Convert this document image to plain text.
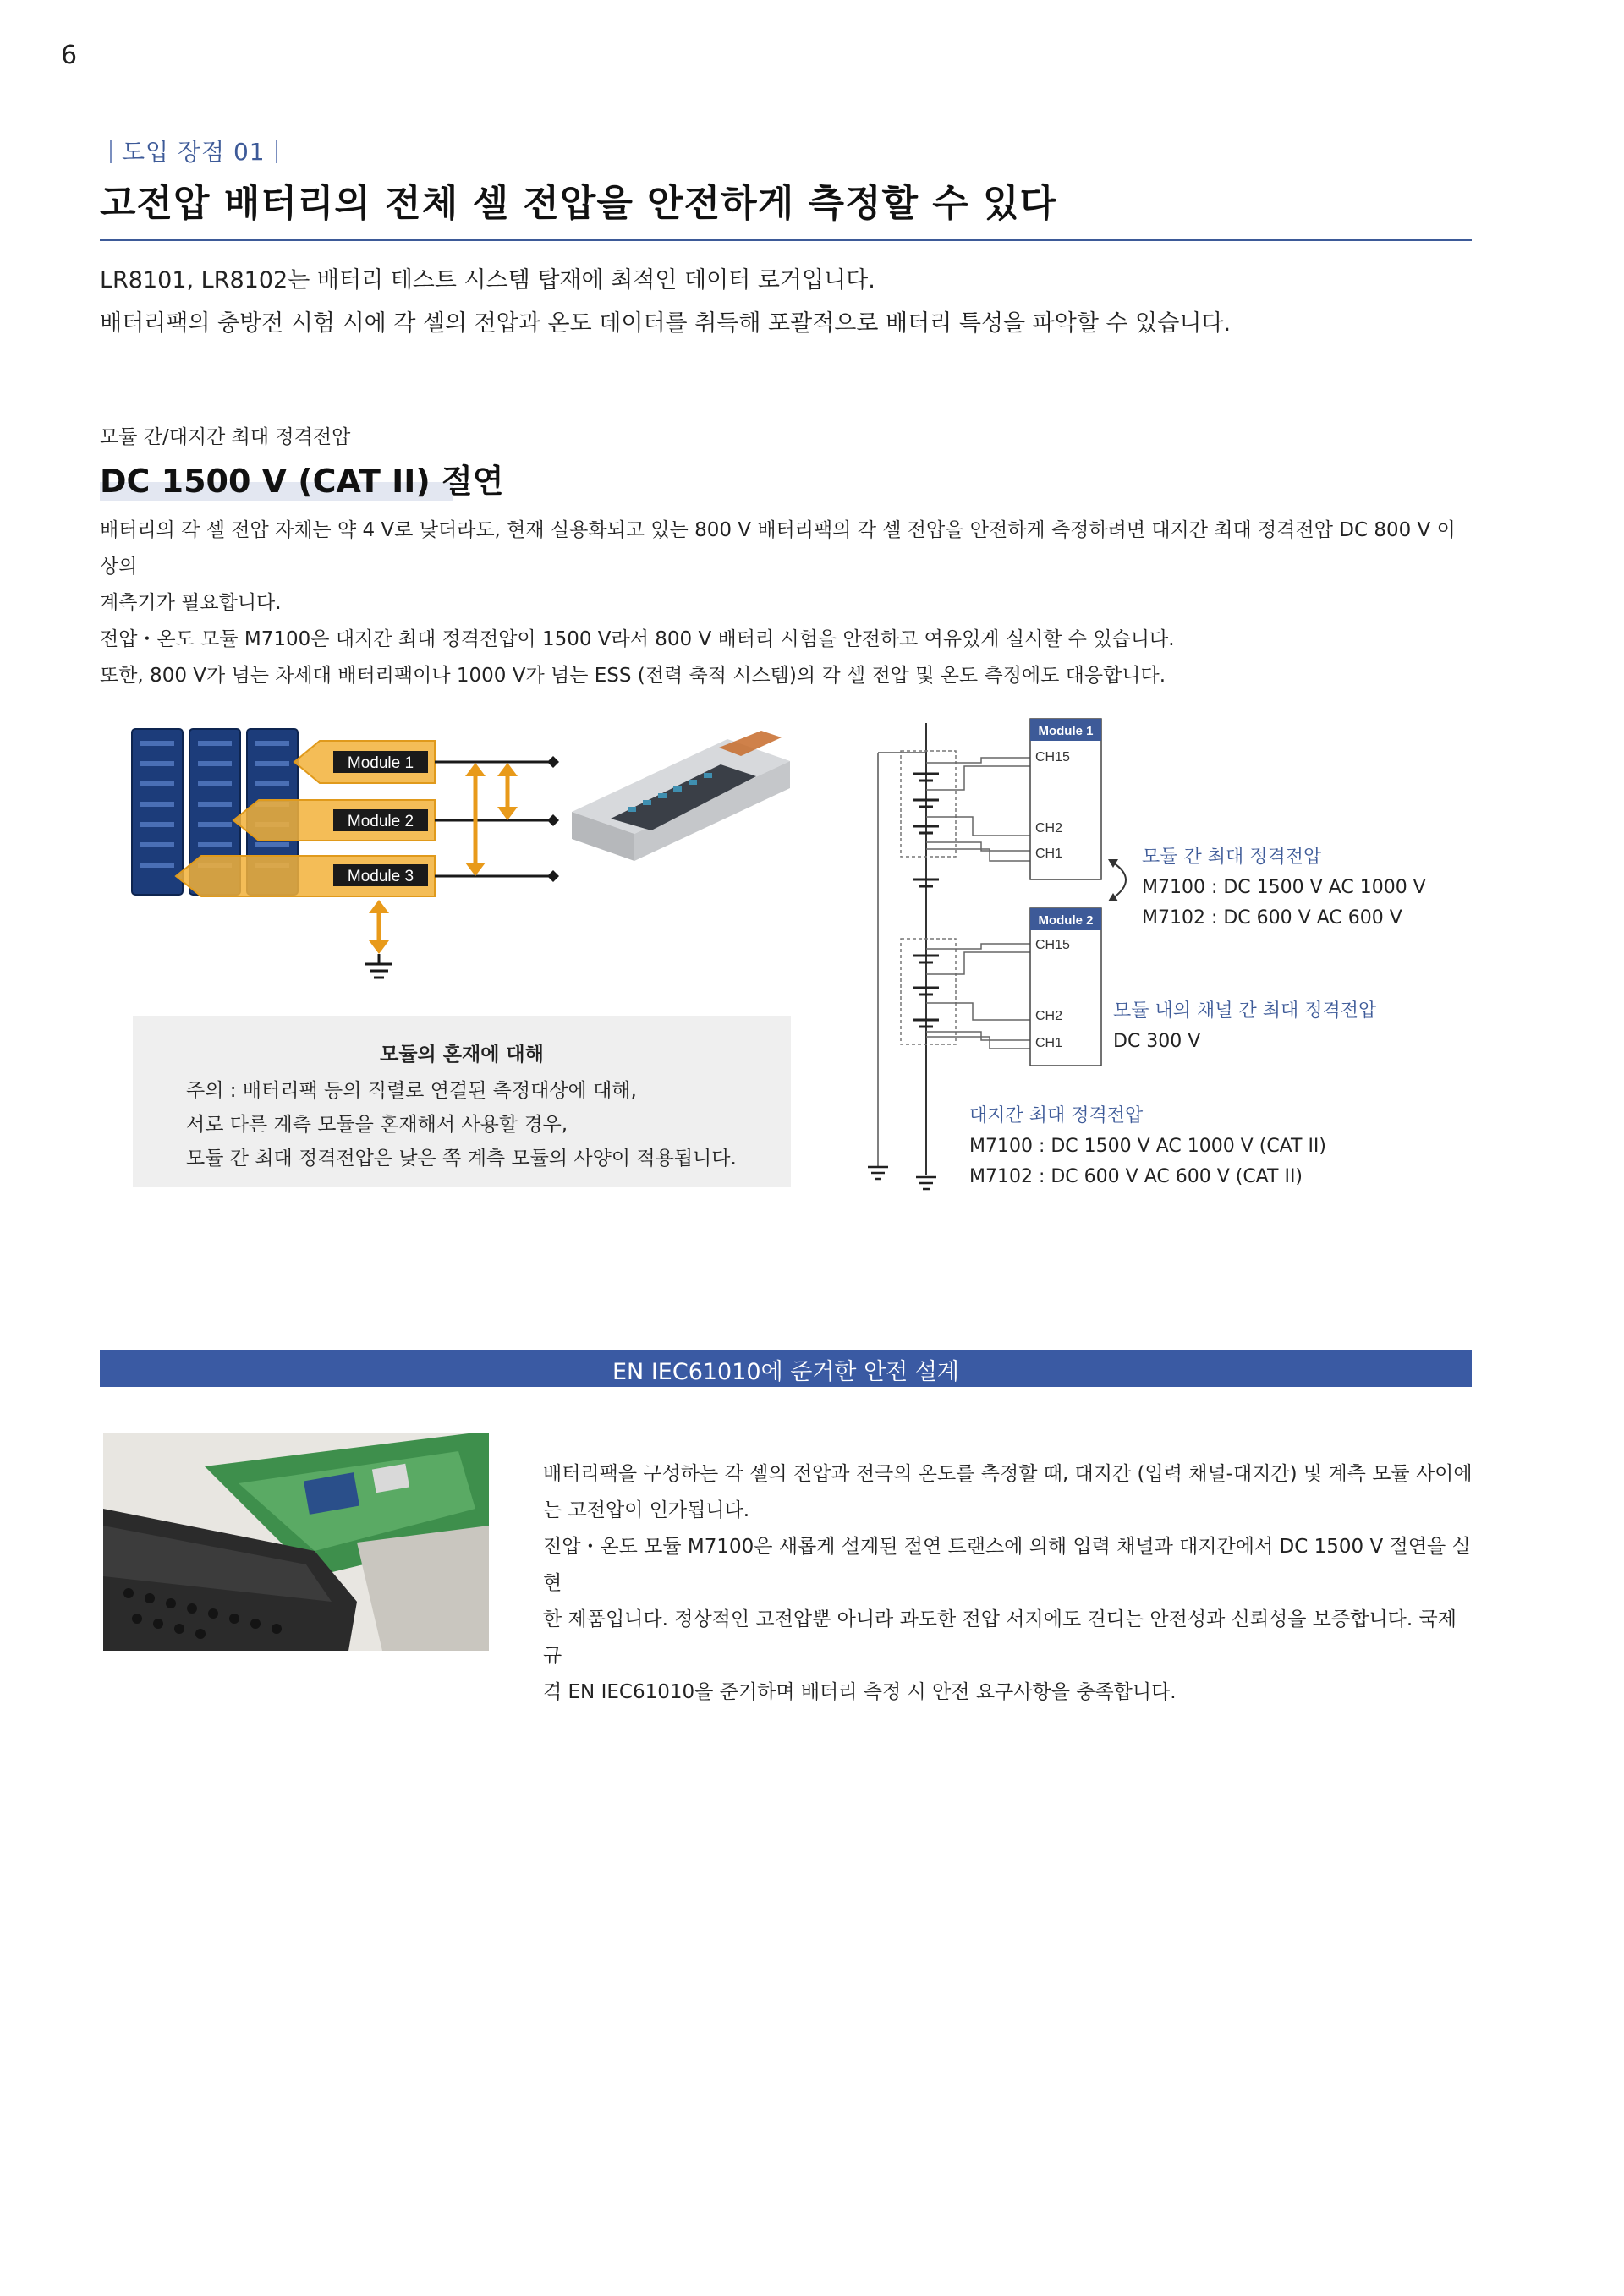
6
도입 장점 01
고전압 배터리의 전체 셀 전압을 안전하게 측정할 수 있다
LR8101, LR8102는 배터리 테스트 시스템 탑재에 최적인 데이터 로거입니다.
배터리팩의 충방전 시험 시에 각 셀의 전압과 온도 데이터를 취득해 포괄적으로 배터리 특성을 파악할 수 있습니다.
모듈 간/대지간 최대 정격전압
DC 1500 V (CAT II) 절연

배터리의 각 셀 전압 자체는 약 4 V로 낮더라도, 현재 실용화되고 있는 800 V 배터리팩의 각 셀 전압을 안전하게 측정하려면 대지간 최대 정격전압 DC 800 V 이상의

계측기가 필요합니다.

전압・온도 모듈 M7100은 대지간 최대 정격전압이 1500 V라서 800 V 배터리 시험을 안전하고 여유있게 실시할 수 있습니다.

또한, 800 V가 넘는 차세대 배터리팩이나 1000 V가 넘는 ESS (전력 축적 시스템)의 각 셀 전압 및 온도 측정에도 대응합니다.

Module 1
Module 2
Module 3
Module 1
CH15
CH2
CH1
Module 2
CH15
CH2
CH1
모듈 간 최대 정격전압
M7100 : DC 1500 V AC 1000 V
M7102 : DC 600 V AC 600 V
모듈 내의 채널 간 최대 정격전압
DC 300 V
대지간 최대 정격전압
M7100 : DC 1500 V AC 1000 V (CAT II)
M7102 : DC 600 V AC 600 V (CAT II)
모듈의 혼재에 대해

주의 : 배터리팩 등의 직렬로 연결된 측정대상에 대해,

서로 다른 계측 모듈을 혼재해서 사용할 경우,

모듈 간 최대 정격전압은 낮은 쪽 계측 모듈의 사양이 적용됩니다.

EN IEC61010에 준거한 안전 설계

배터리팩을 구성하는 각 셀의 전압과 전극의 온도를 측정할 때, 대지간 (입력 채널-대지간) 및 계측 모듈 사이에

는 고전압이 인가됩니다.

전압・온도 모듈 M7100은 새롭게 설계된 절연 트랜스에 의해 입력 채널과 대지간에서 DC 1500 V 절연을 실현

한 제품입니다. 정상적인 고전압뿐 아니라 과도한 전압 서지에도 견디는 안전성과 신뢰성을 보증합니다. 국제규

격 EN IEC61010을 준거하며 배터리 측정 시 안전 요구사항을 충족합니다.
